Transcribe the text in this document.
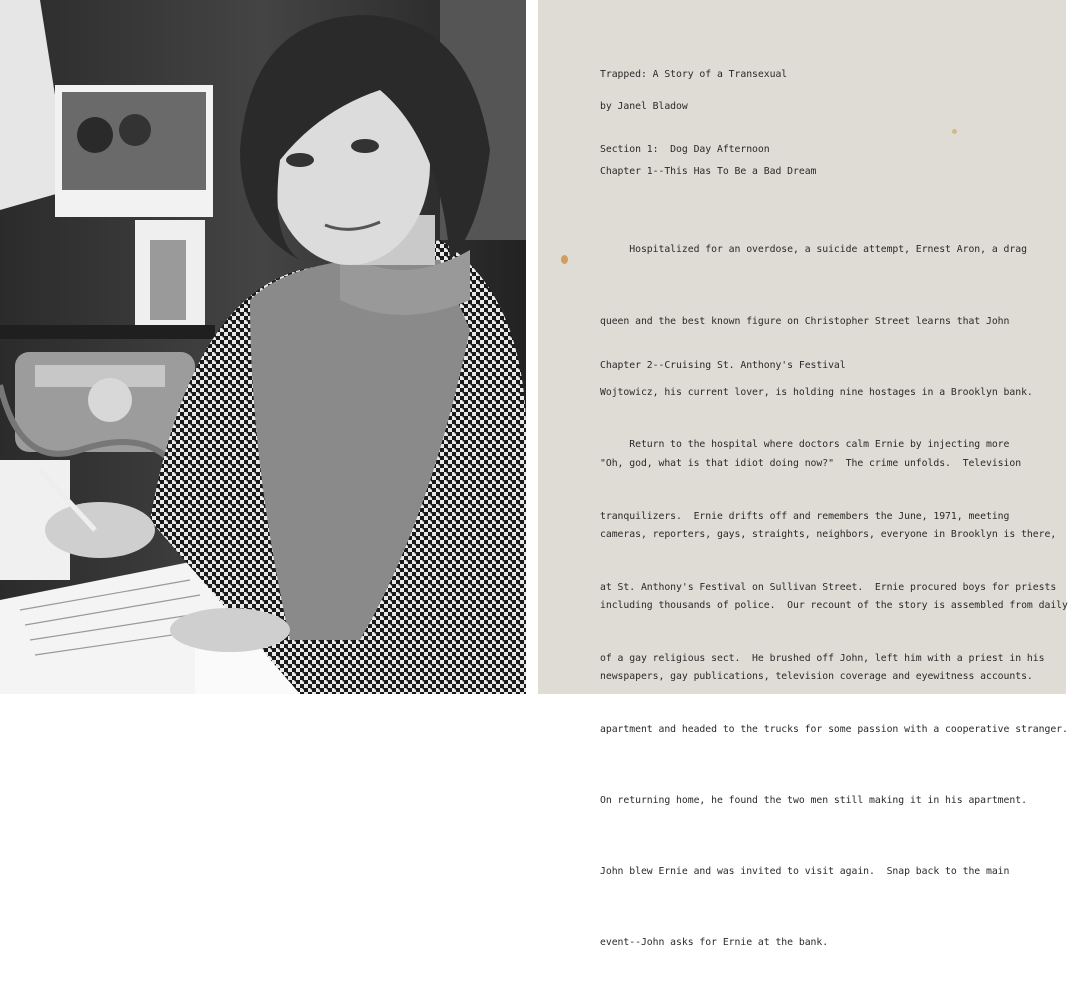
Trapped: A Story of a Transexual

by Janel Bladow

Section 1:  Dog Day Afternoon

Chapter 1--This Has To Be a Bad Dream

Hospitalized for an overdose, a suicide attempt, Ernest Aron, a drag

queen and the best known figure on Christopher Street learns that John

Wojtowicz, his current lover, is holding nine hostages in a Brooklyn bank.

"Oh, god, what is that idiot doing now?"  The crime unfolds.  Television

cameras, reporters, gays, straights, neighbors, everyone in Brooklyn is there,

including thousands of police.  Our recount of the story is assembled from daily

newspapers, gay publications, television coverage and eyewitness accounts.

Chapter 2--Cruising St. Anthony's Festival

Return to the hospital where doctors calm Ernie by injecting more

tranquilizers.  Ernie drifts off and remembers the June, 1971, meeting

at St. Anthony's Festival on Sullivan Street.  Ernie procured boys for priests

of a gay religious sect.  He brushed off John, left him with a priest in his

apartment and headed to the trucks for some passion with a cooperative stranger.

On returning home, he found the two men still making it in his apartment.

John blew Ernie and was invited to visit again.  Snap back to the main

event--John asks for Ernie at the bank.
